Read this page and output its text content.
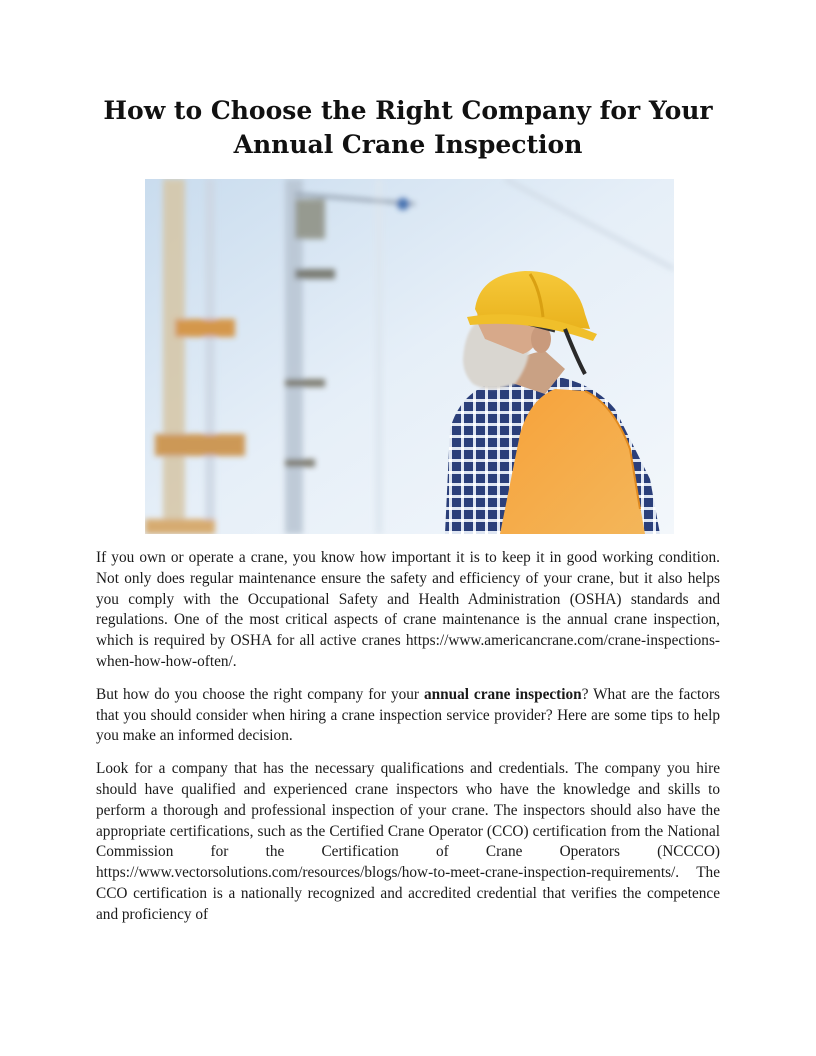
How to Choose the Right Company for Your Annual Crane Inspection

If you own or operate a crane, you know how important it is to keep it in good working condition. Not only does regular maintenance ensure the safety and efficiency of your crane, but it also helps you comply with the Occupational Safety and Health Administration (OSHA) standards and regulations. One of the most critical aspects of crane maintenance is the annual crane inspection, which is required by OSHA for all active cranes https://www.americancrane.com/crane-inspections-when-how-how-often/.

But how do you choose the right company for your annual crane inspection? What are the factors that you should consider when hiring a crane inspection service provider? Here are some tips to help you make an informed decision.

Look for a company that has the necessary qualifications and credentials. The company you hire should have qualified and experienced crane inspectors who have the knowledge and skills to perform a thorough and professional inspection of your crane. The inspectors should also have the appropriate certifications, such as the Certified Crane Operator (CCO) certification from the National Commission for the Certification of Crane Operators (NCCCO) https://www.vectorsolutions.com/resources/blogs/how-to-meet-crane-inspection-requirements/. The CCO certification is a nationally recognized and accredited credential that verifies the competence and proficiency of
